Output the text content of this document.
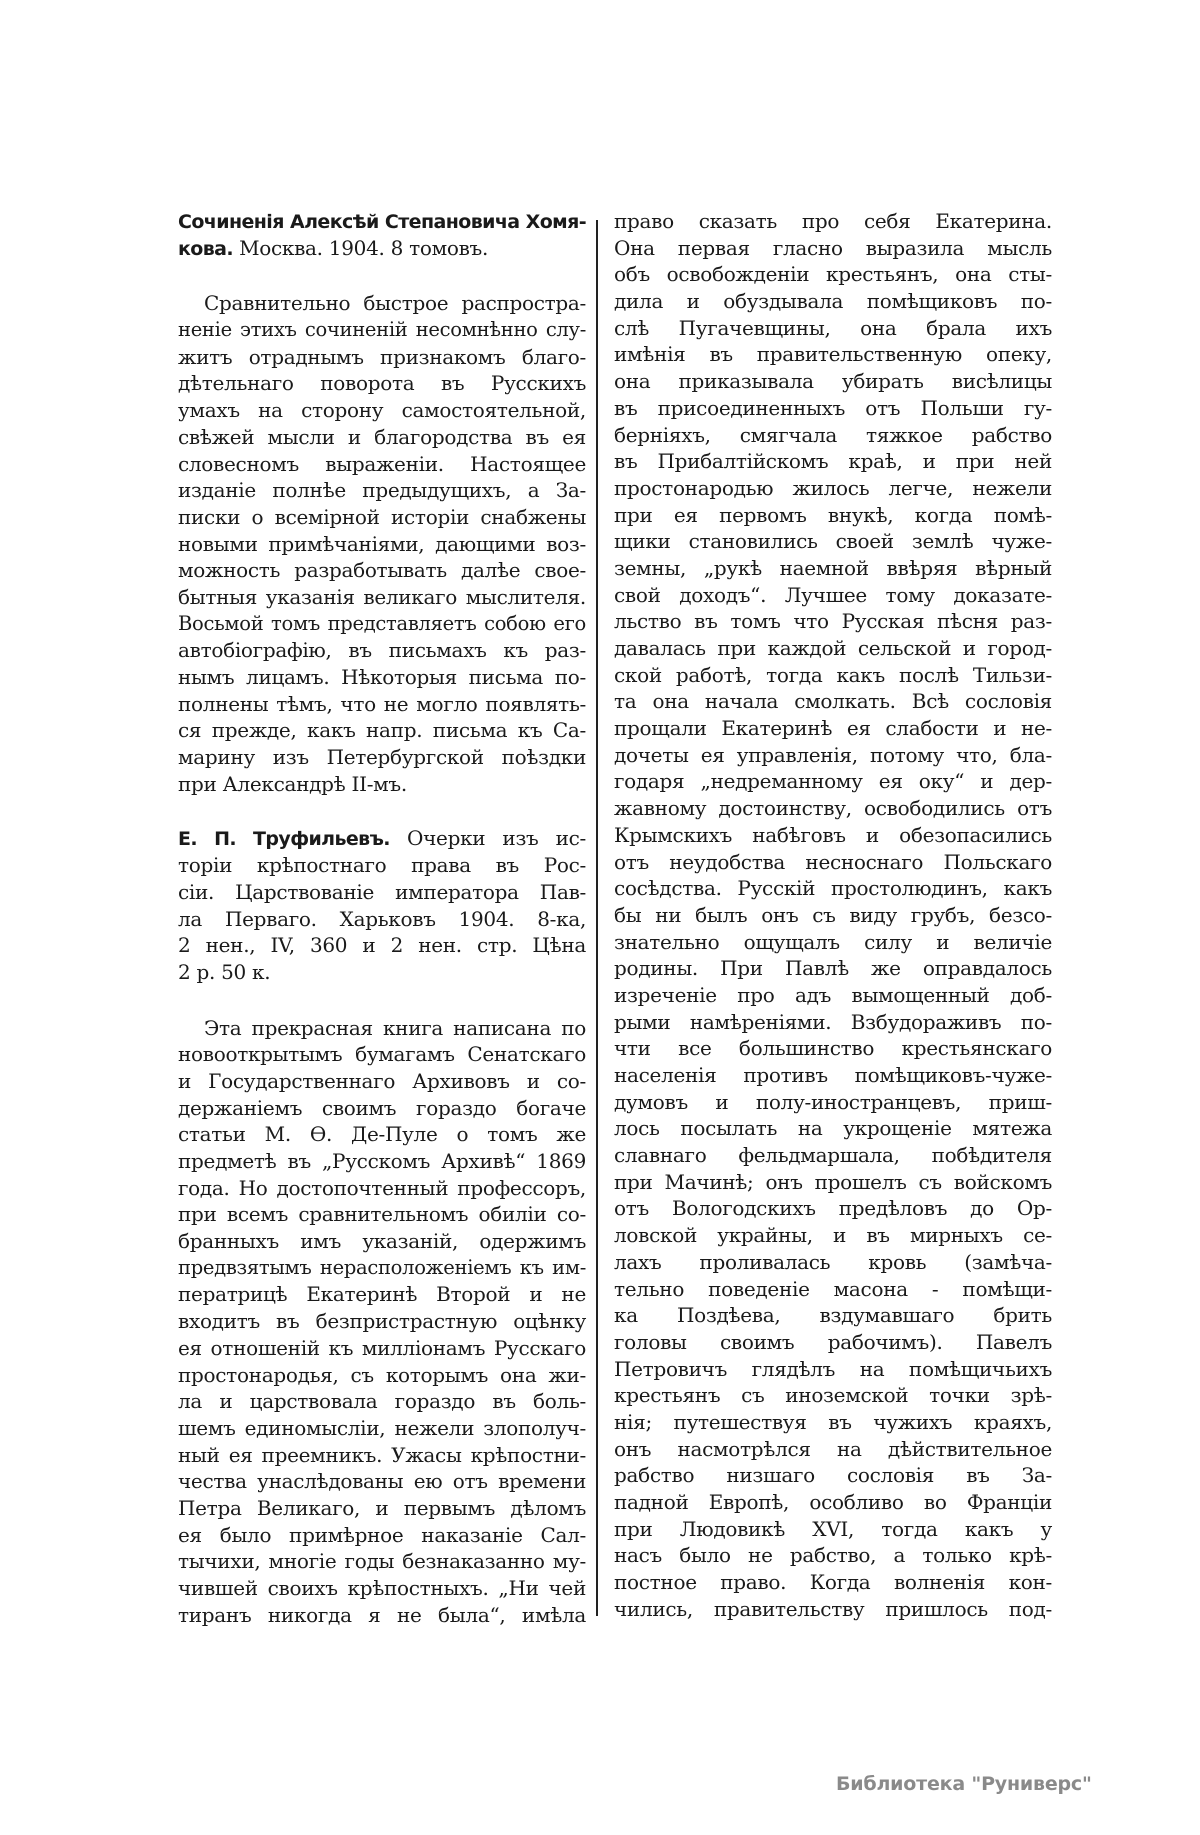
Сочиненія Алексѣй Степановича Хомя-
кова. Москва. 1904. 8 томовъ.
Сравнительно быстрое распростра-
неніе этихъ сочиненій несомнѣнно слу-
житъ отраднымъ признакомъ благо-
дѣтельнаго поворота въ Русскихъ
умахъ на сторону самостоятельной,
свѣжей мысли и благородства въ ея
словесномъ выраженіи. Настоящее
изданіе полнѣе предыдущихъ, а За-
писки о всемірной исторіи снабжены
новыми примѣчаніями, дающими воз-
можность разработывать далѣе свое-
бытныя указанія великаго мыслителя.
Восьмой томъ представляетъ собою его
автобіографію, въ письмахъ къ раз-
нымъ лицамъ. Нѣкоторыя письма по-
полнены тѣмъ, что не могло появлять-
ся прежде, какъ напр. письма къ Са-
марину изъ Петербургской поѣздки
при Александрѣ II-мъ.
Е. П. Труфильевъ. Очерки изъ ис-
торіи крѣпостнаго права въ Рос-
сіи. Царствованіе императора Пав-
ла Перваго. Харьковъ 1904. 8-ка,
2 нен., IV, 360 и 2 нен. стр. Цѣна
2 р. 50 к.
Эта прекрасная книга написана по
новооткрытымъ бумагамъ Сенатскаго
и Государственнаго Архивовъ и со-
держаніемъ своимъ гораздо богаче
статьи М. Ѳ. Де-Пуле о томъ же
предметѣ въ „Русскомъ Архивѣ“ 1869
года. Но достопочтенный профессоръ,
при всемъ сравнительномъ обиліи со-
бранныхъ имъ указаній, одержимъ
предвзятымъ нерасположеніемъ къ им-
ператрицѣ Екатеринѣ Второй и не
входитъ въ безпристрастную оцѣнку
ея отношеній къ милліонамъ Русскаго
простонародья, съ которымъ она жи-
ла и царствовала гораздо въ боль-
шемъ единомысліи, нежели злополуч-
ный ея преемникъ. Ужасы крѣпостни-
чества унаслѣдованы ею отъ времени
Петра Великаго, и первымъ дѣломъ
ея было примѣрное наказаніе Сал-
тычихи, многіе годы безнаказанно му-
чившей своихъ крѣпостныхъ. „Ни чей
тиранъ никогда я не была“, имѣла
право сказать про себя Екатерина.
Она первая гласно выразила мысль
объ освобожденіи крестьянъ, она сты-
дила и обуздывала помѣщиковъ по-
слѣ Пугачевщины, она брала ихъ
имѣнія въ правительственную опеку,
она приказывала убирать висѣлицы
въ присоединенныхъ отъ Польши гу-
берніяхъ, смягчала тяжкое рабство
въ Прибалтійскомъ краѣ, и при ней
простонародью жилось легче, нежели
при ея первомъ внукѣ, когда помѣ-
щики становились своей землѣ чуже-
земны, „рукѣ наемной ввѣряя вѣрный
свой доходъ“. Лучшее тому доказате-
льство въ томъ что Русская пѣсня раз-
давалась при каждой сельской и город-
ской работѣ, тогда какъ послѣ Тильзи-
та она начала смолкать. Всѣ сословія
прощали Екатеринѣ ея слабости и не-
дочеты ея управленія, потому что, бла-
годаря „недреманному ея оку“ и дер-
жавному достоинству, освободились отъ
Крымскихъ набѣговъ и обезопасились
отъ неудобства несноснаго Польскаго
сосѣдства. Русскій простолюдинъ, какъ
бы ни былъ онъ съ виду грубъ, безсо-
знательно ощущалъ силу и величіе
родины. При Павлѣ же оправдалось
изреченіе про адъ вымощенный доб-
рыми намѣреніями. Взбудораживъ по-
чти все большинство крестьянскаго
населенія противъ помѣщиковъ-чуже-
думовъ и полу-иностранцевъ, приш-
лось посылать на укрощеніе мятежа
славнаго фельдмаршала, побѣдителя
при Мачинѣ; онъ прошелъ съ войскомъ
отъ Вологодскихъ предѣловъ до Ор-
ловской украйны, и въ мирныхъ се-
лахъ проливалась кровь (замѣча-
тельно поведеніе масона - помѣщи-
ка Поздѣева, вздумавшаго брить
головы своимъ рабочимъ). Павелъ
Петровичъ глядѣлъ на помѣщичьихъ
крестьянъ съ иноземской точки зрѣ-
нія; путешествуя въ чужихъ краяхъ,
онъ насмотрѣлся на дѣйствительное
рабство низшаго сословія въ За-
падной Европѣ, особливо во Франціи
при Людовикѣ XVI, тогда какъ у
насъ было не рабство, а только крѣ-
постное право. Когда волненія кон-
чились, правительству пришлось под-
Библиотека "Руниверс"
